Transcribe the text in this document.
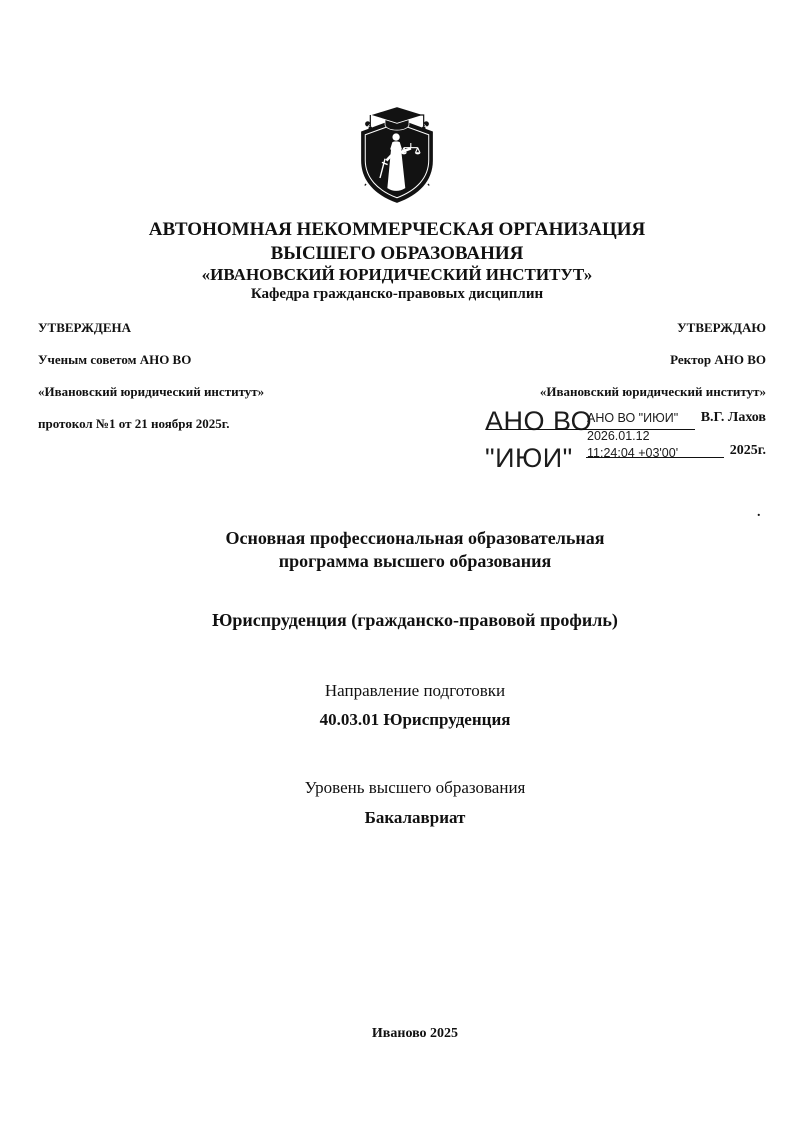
АВТОНОМНАЯ НЕКОММЕРЧЕСКАЯ ОРГАНИЗАЦИЯ
ВЫСШЕГО ОБРАЗОВАНИЯ
«ИВАНОВСКИЙ ЮРИДИЧЕСКИЙ ИНСТИТУТ»
Кафедра гражданско-правовых дисциплин
УТВЕРЖДЕНА
Ученым советом АНО ВО
«Ивановский юридический институт»
протокол №1 от 21 ноября 2025г.
УТВЕРЖДАЮ
Ректор АНО ВО
«Ивановский юридический институт»
АНО ВО
"ИЮИ"
АНО ВО "ИЮИ"
2026.01.12
11:24:04 +03'00'
В.Г. Лахов
2025г.
.
Основная профессиональная образовательная
программа высшего образования
Юриспруденция (гражданско-правовой профиль)
Направление подготовки
40.03.01 Юриспруденция
Уровень высшего образования
Бакалавриат
Иваново 2025
